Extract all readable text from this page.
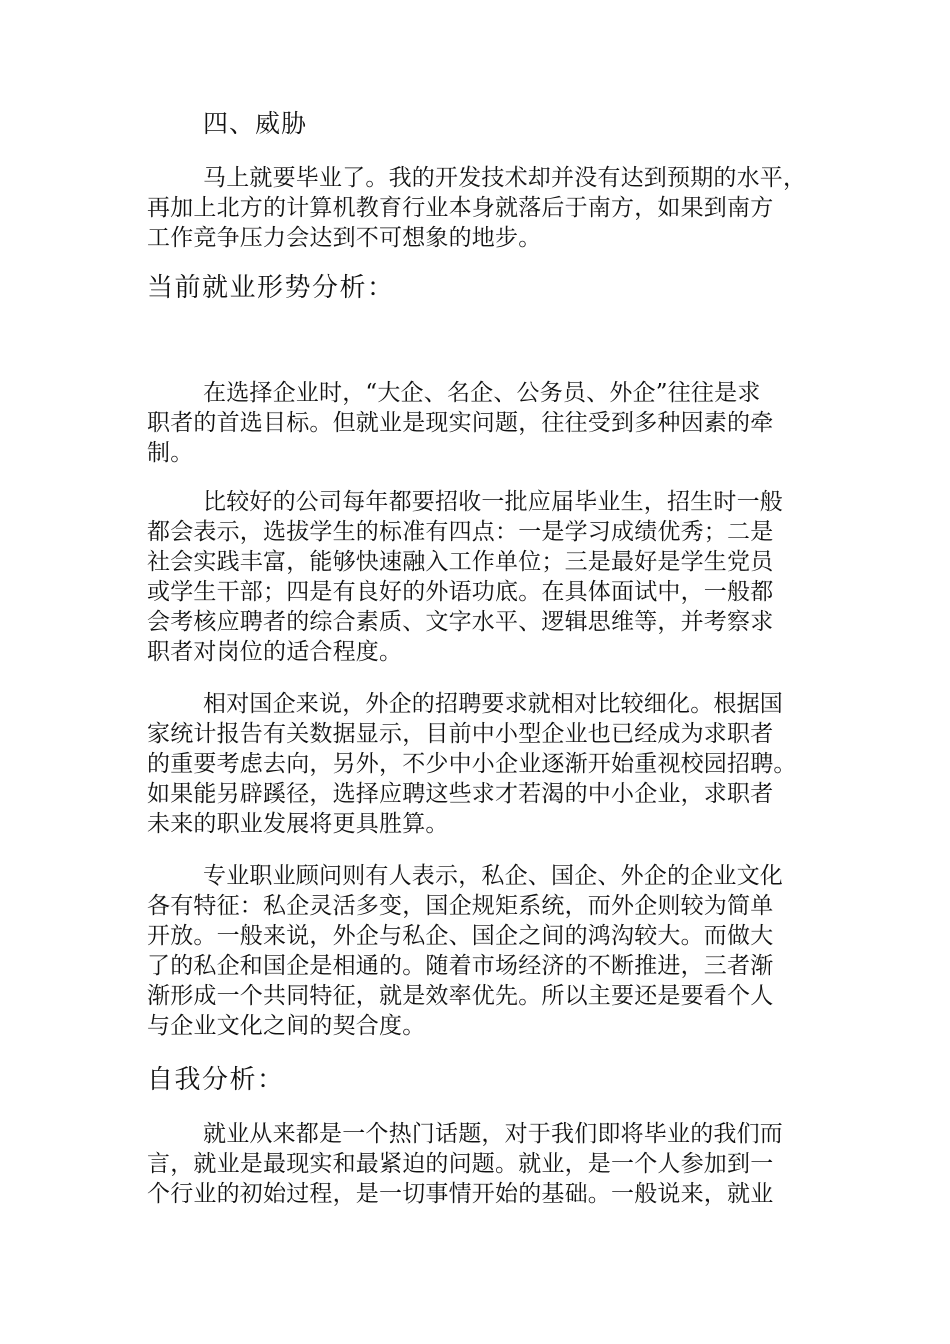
四、威胁
马上就要毕业了。我的开发技术却并没有达到预期的水平，
再加上北方的计算机教育行业本身就落后于南方，如果到南方
工作竞争压力会达到不可想象的地步。
当前就业形势分析：
在选择企业时，“大企、名企、公务员、外企”往往是求
职者的首选目标。但就业是现实问题，往往受到多种因素的牵
制。
比较好的公司每年都要招收一批应届毕业生，招生时一般
都会表示，选拔学生的标准有四点：一是学习成绩优秀；二是
社会实践丰富，能够快速融入工作单位；三是最好是学生党员
或学生干部；四是有良好的外语功底。在具体面试中，一般都
会考核应聘者的综合素质、文字水平、逻辑思维等，并考察求
职者对岗位的适合程度。
相对国企来说，外企的招聘要求就相对比较细化。根据国
家统计报告有关数据显示，目前中小型企业也已经成为求职者
的重要考虑去向，另外，不少中小企业逐渐开始重视校园招聘。
如果能另辟蹊径，选择应聘这些求才若渴的中小企业，求职者
未来的职业发展将更具胜算。
专业职业顾问则有人表示，私企、国企、外企的企业文化
各有特征：私企灵活多变，国企规矩系统，而外企则较为简单
开放。一般来说，外企与私企、国企之间的鸿沟较大。而做大
了的私企和国企是相通的。随着市场经济的不断推进，三者渐
渐形成一个共同特征，就是效率优先。所以主要还是要看个人
与企业文化之间的契合度。
自我分析：
就业从来都是一个热门话题，对于我们即将毕业的我们而
言，就业是最现实和最紧迫的问题。就业，是一个人参加到一
个行业的初始过程，是一切事情开始的基础。一般说来，就业
